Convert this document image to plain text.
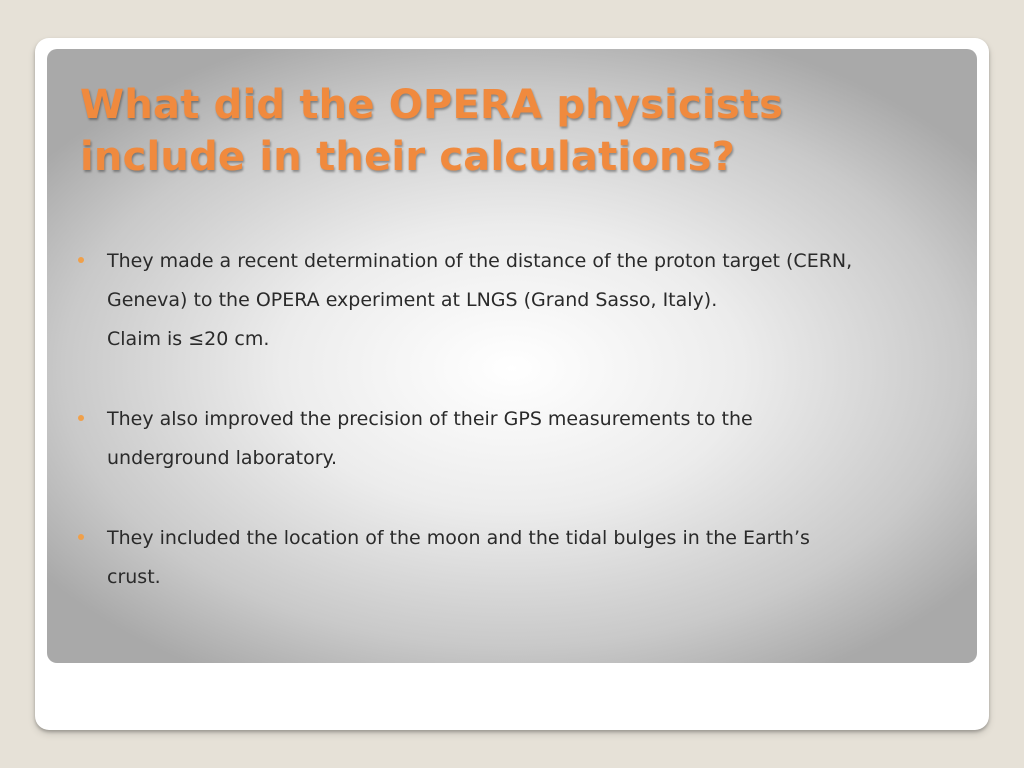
What did the OPERA physicists
include in their calculations?
They made a recent determination of the distance of the proton target (CERN,
Geneva) to the OPERA experiment at LNGS (Grand Sasso, Italy).
Claim is ≤20 cm.
They also improved the precision of their GPS measurements to the
underground laboratory.
They included the location of the moon and the tidal bulges in the Earth’s
crust.
